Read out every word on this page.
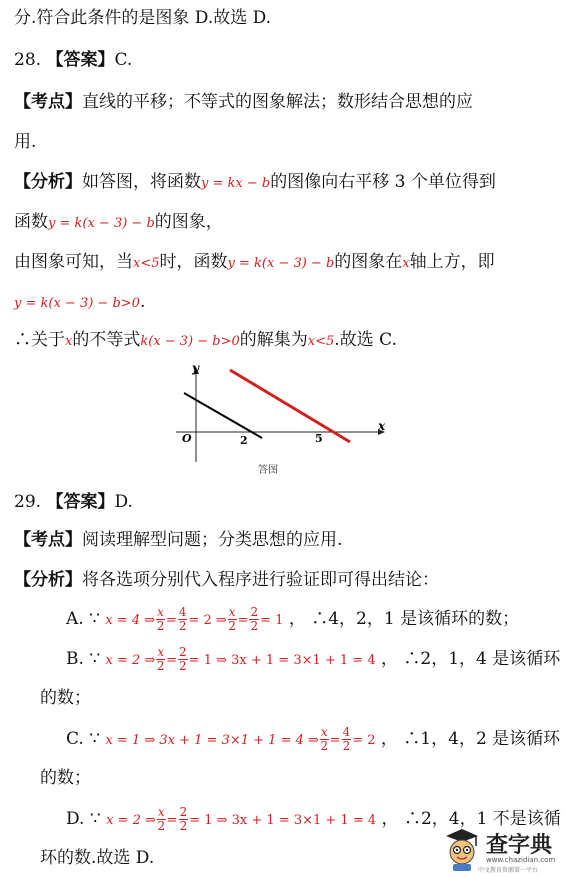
分.符合此条件的是图象 D.故选 D.
28. 【答案】C.
【考点】直线的平移；不等式的图象解法；数形结合思想的应
用.
【分析】如答图，将函数y = kx − b的图像向右平移 3 个单位得到
函数y = k(x − 3) − b的图象，
由图象可知，当x<5时，函数y = k(x − 3) − b的图象在x轴上方，即
y = k(x − 3) − b>0.
∴关于x的不等式k(x − 3) − b>0的解集为x<5.故选 C.
y
x
O	2	5
答图
29. 【答案】D.
【考点】阅读理解型问题；分类思想的应用.
【分析】将各选项分别代入程序进行验证即可得出结论：
A. ∵ x = 4 ⇒ $\frac{x}{2} = \frac{4}{2} = 2$ ⇒ $\frac{x}{2} = \frac{2}{2} = 1$ ， ∴4，2，1 是该循环的数；
B. ∵ x = 2 ⇒ $\frac{x}{2} = \frac{2}{2} = 1$ ⇒ 3x + 1 = 3×1 + 1 = 4 ， ∴2，1，4 是该循环
的数；
C. ∵ x = 1 ⇒ 3x + 1 = 3×1 + 1 = 4 ⇒ $\frac{x}{2} = \frac{4}{2} = 2$ ， ∴1，4，2 是该循环
的数；
D. ∵ x = 2 ⇒ $\frac{x}{2} = \frac{2}{2} = 1$ ⇒ 3x + 1 = 3×1 + 1 = 4 ， ∴2，4，1 不是该循
环的数.故选 D.	查字典
www.chazidian.com
中文教育资源第一平台
